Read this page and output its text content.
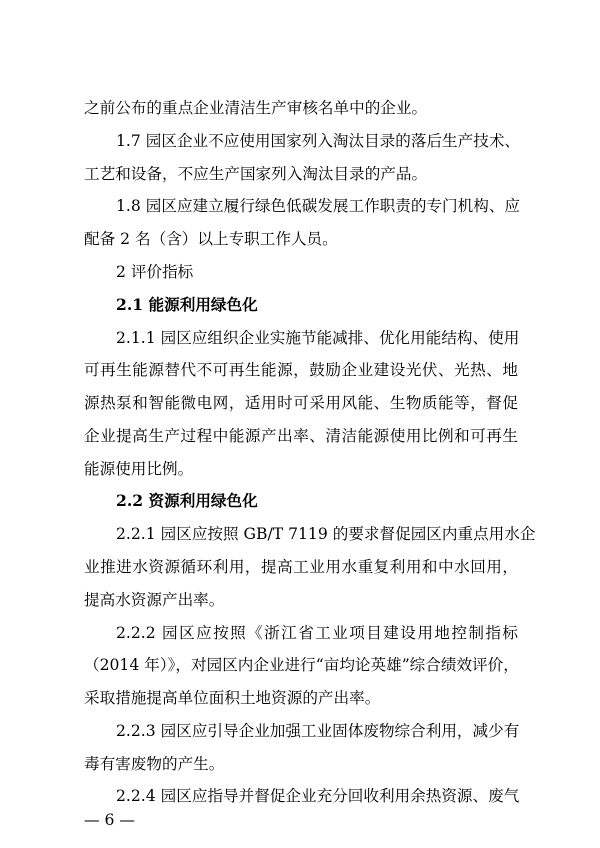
之前公布的重点企业清洁生产审核名单中的企业。
1.7 园区企业不应使用国家列入淘汰目录的落后生产技术、
工艺和设备，不应生产国家列入淘汰目录的产品。
1.8 园区应建立履行绿色低碳发展工作职责的专门机构、应
配备 2 名（含）以上专职工作人员。
2 评价指标
2.1 能源利用绿色化
2.1.1 园区应组织企业实施节能减排、优化用能结构、使用
可再生能源替代不可再生能源，鼓励企业建设光伏、光热、地
源热泵和智能微电网，适用时可采用风能、生物质能等，督促
企业提高生产过程中能源产出率、清洁能源使用比例和可再生
能源使用比例。
2.2 资源利用绿色化
2.2.1 园区应按照 GB/T 7119 的要求督促园区内重点用水企
业推进水资源循环利用，提高工业用水重复利用和中水回用，
提高水资源产出率。
2.2.2 园区应按照《浙江省工业项目建设用地控制指标
（2014 年）》，对园区内企业进行“亩均论英雄”综合绩效评价，
采取措施提高单位面积土地资源的产出率。
2.2.3 园区应引导企业加强工业固体废物综合利用，减少有
毒有害废物的产生。
2.2.4 园区应指导并督促企业充分回收利用余热资源、废气
— 6 —
